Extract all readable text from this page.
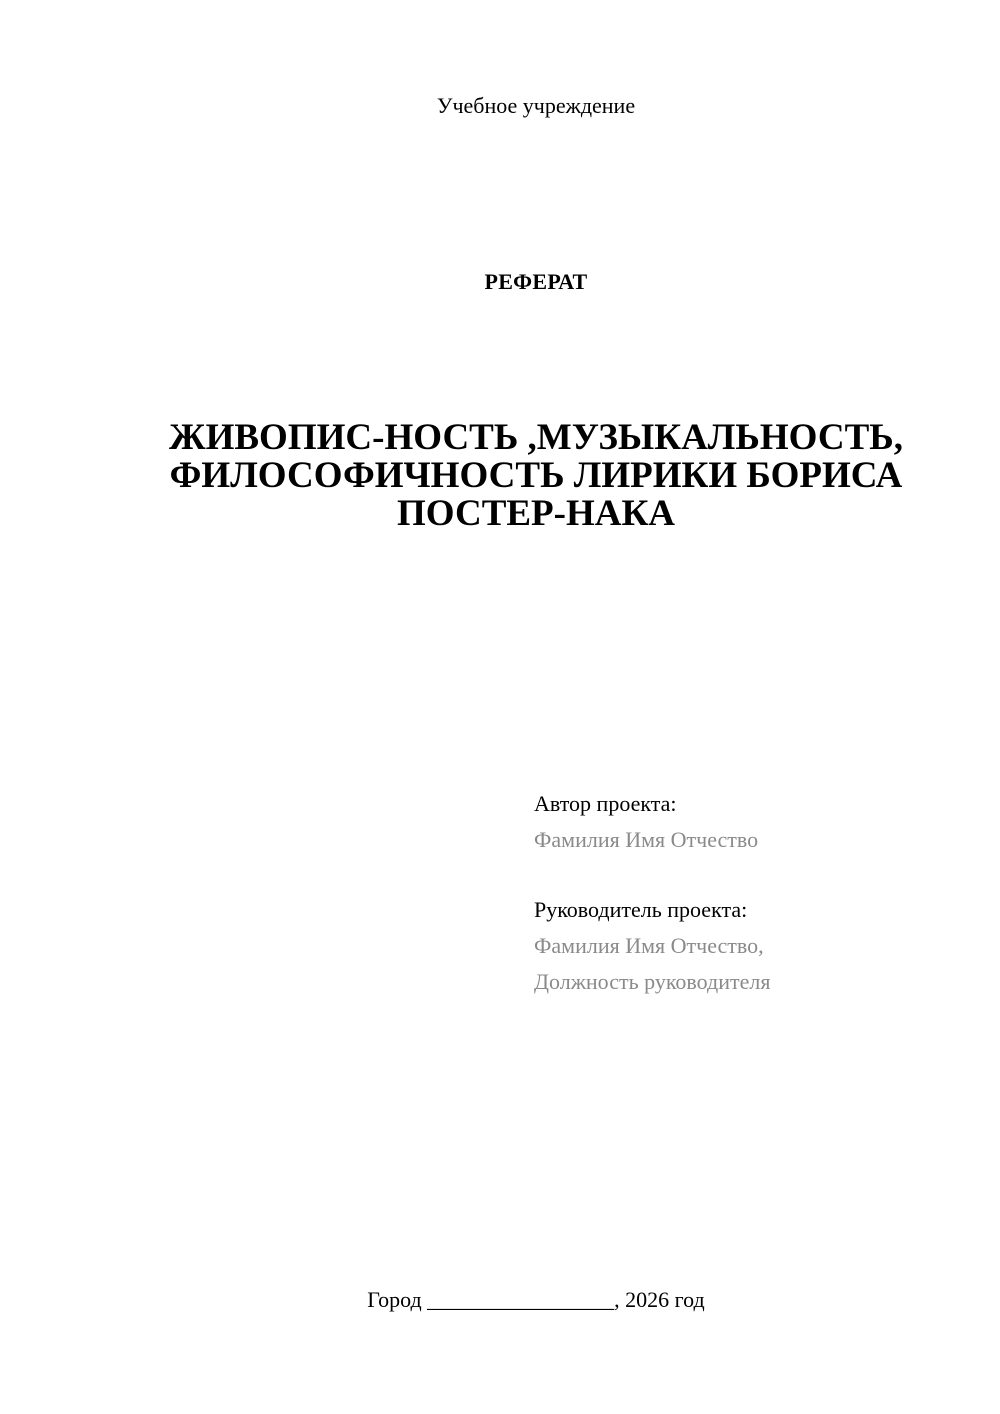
Учебное учреждение
РЕФЕРАТ
ЖИВОПИС-НОСТЬ ,МУЗЫКАЛЬНОСТЬ,
ФИЛОСОФИЧНОСТЬ ЛИРИКИ БОРИСА
ПОСТЕР-НАКА
Автор проекта:
Фамилия Имя Отчество
Руководитель проекта:
Фамилия Имя Отчество,
Должность руководителя
Город _________________, 2026 год
